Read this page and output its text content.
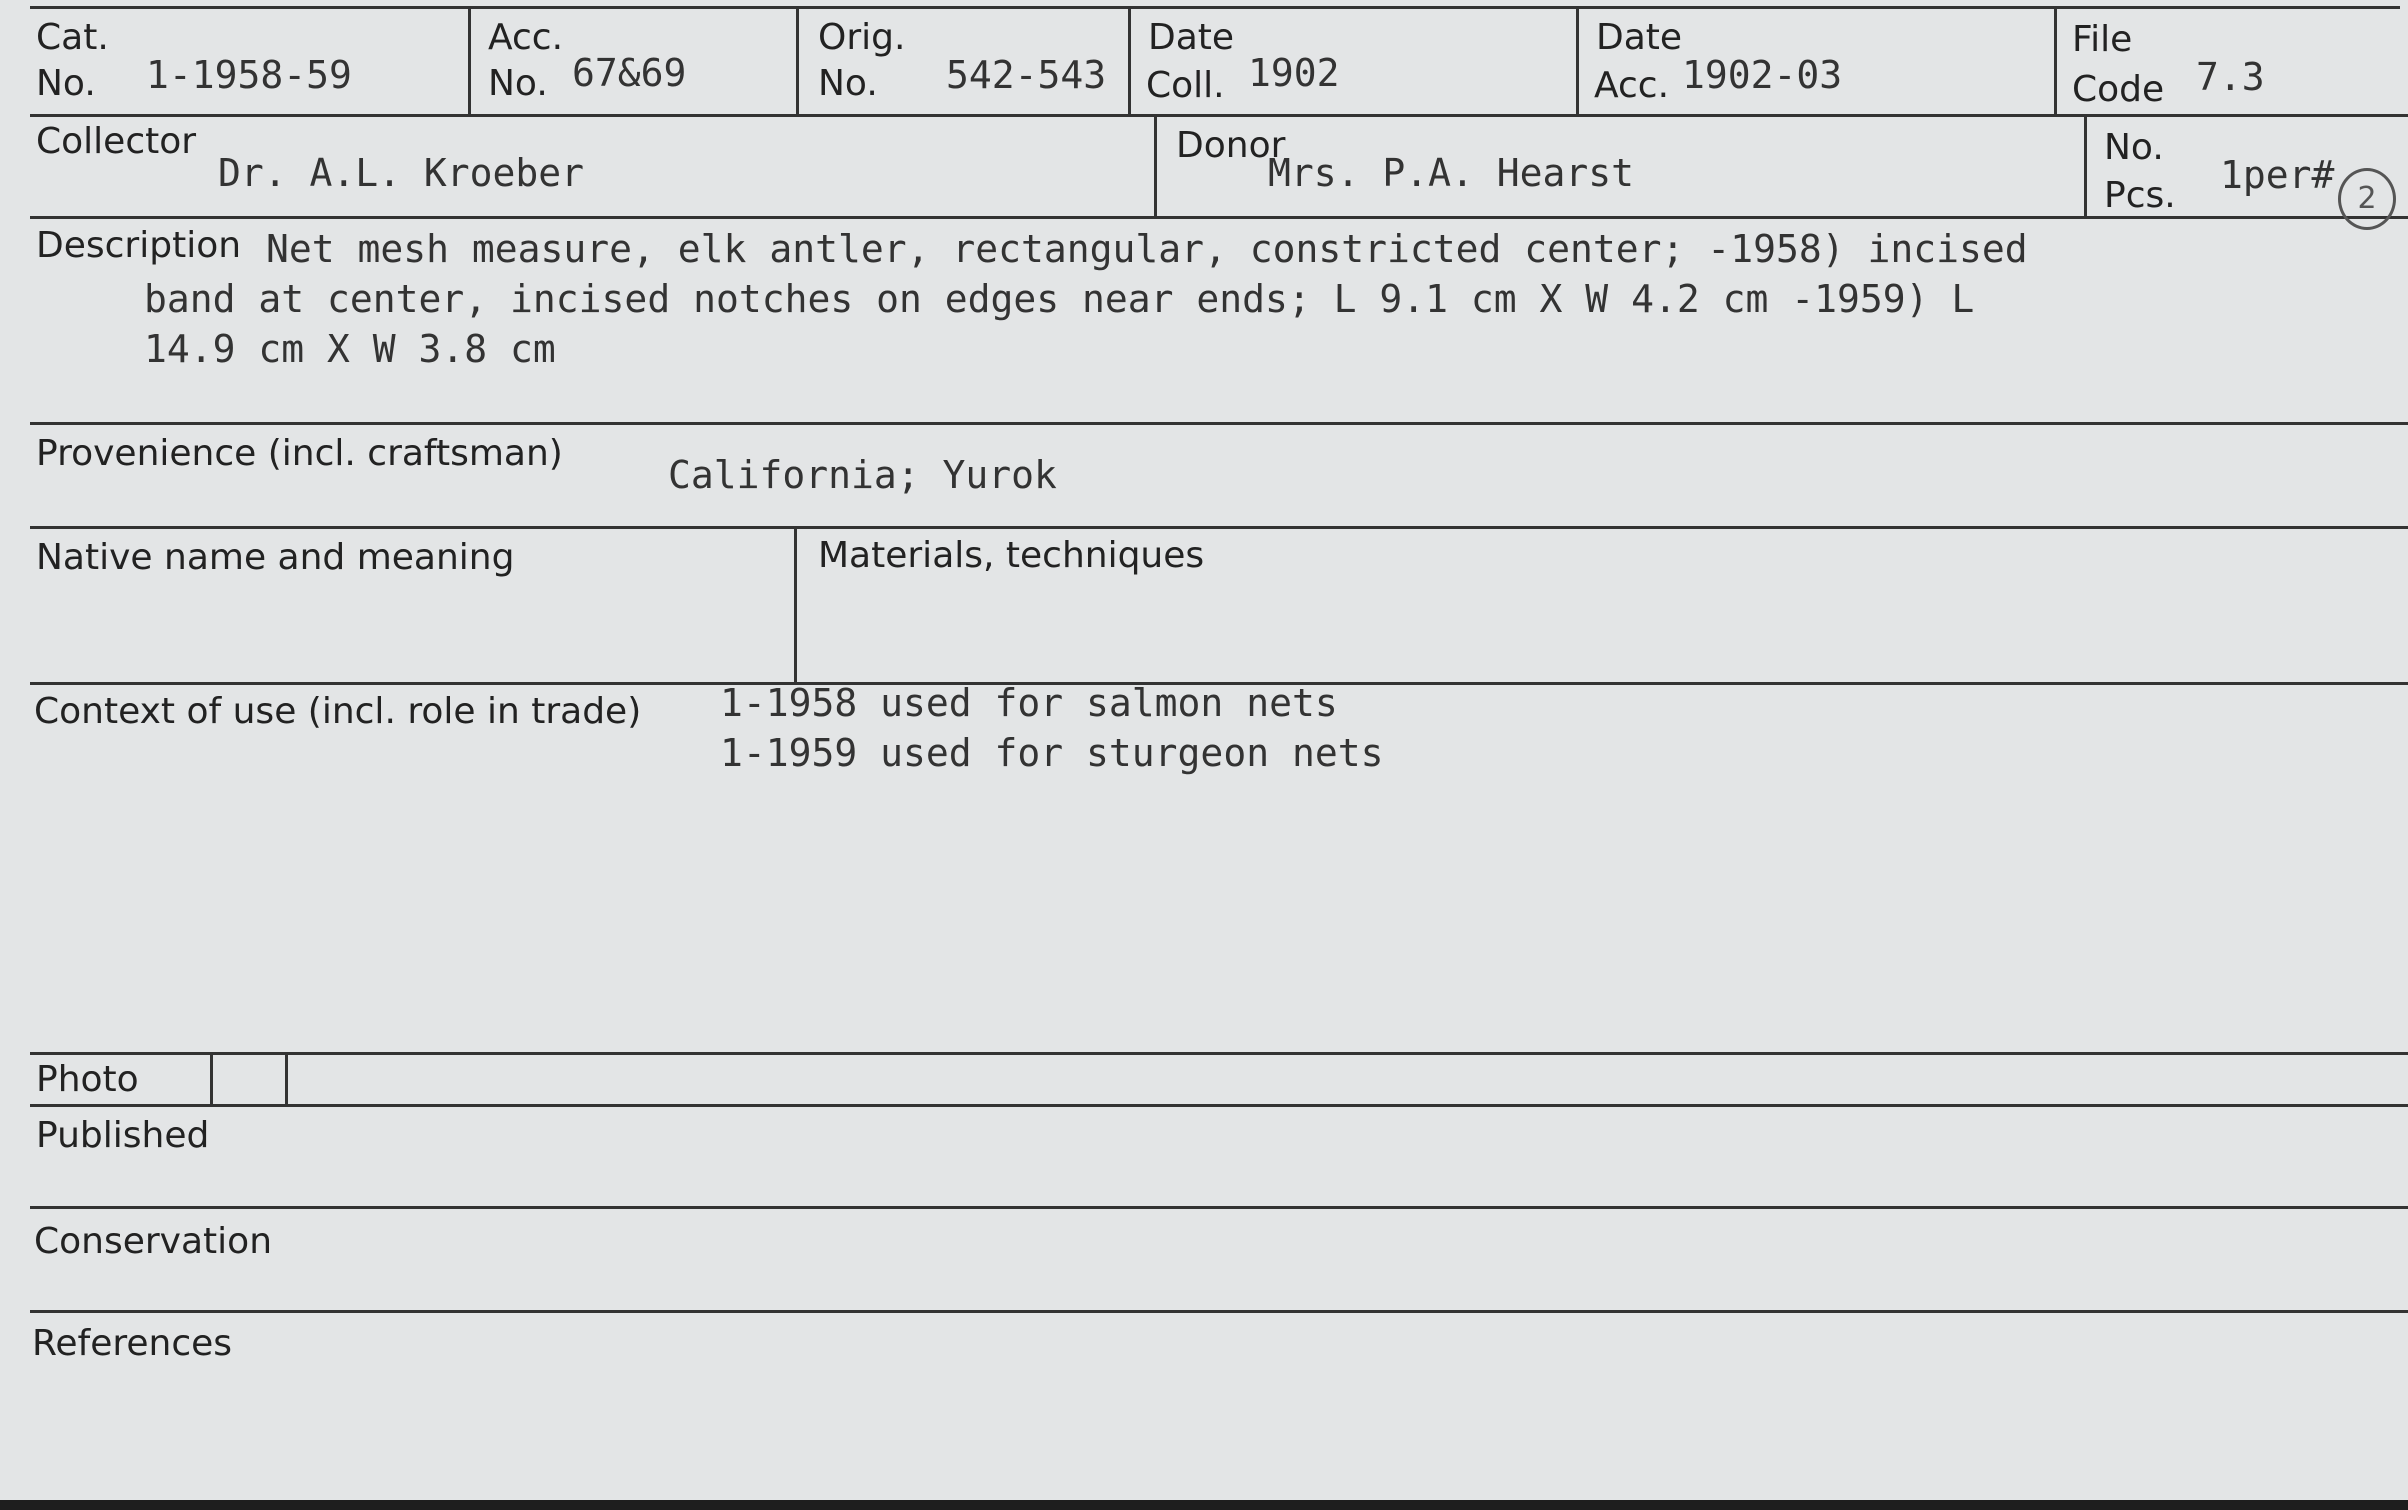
Cat.
No. 1-1958-59
Acc.
No. 67&69
Orig.
No. 542-543
Date
Coll. 1902
Date
Acc. 1902-03
File
Code 7.3
Collector
Dr. A.L. Kroeber
Donor
Mrs. P.A. Hearst
No.
Pcs. 1per#
2
Description Net mesh measure, elk antler, rectangular, constricted center; -1958) incised
band at center, incised notches on edges near ends; L 9.1 cm X W 4.2 cm -1959) L
14.9 cm X W 3.8 cm
Provenience (incl. craftsman)	California; Yurok
Native name and meaning	Materials, techniques
Context of use (incl. role in trade) 1-1958 used for salmon nets
1-1959 used for sturgeon nets
Photo
Published
Conservation
References
